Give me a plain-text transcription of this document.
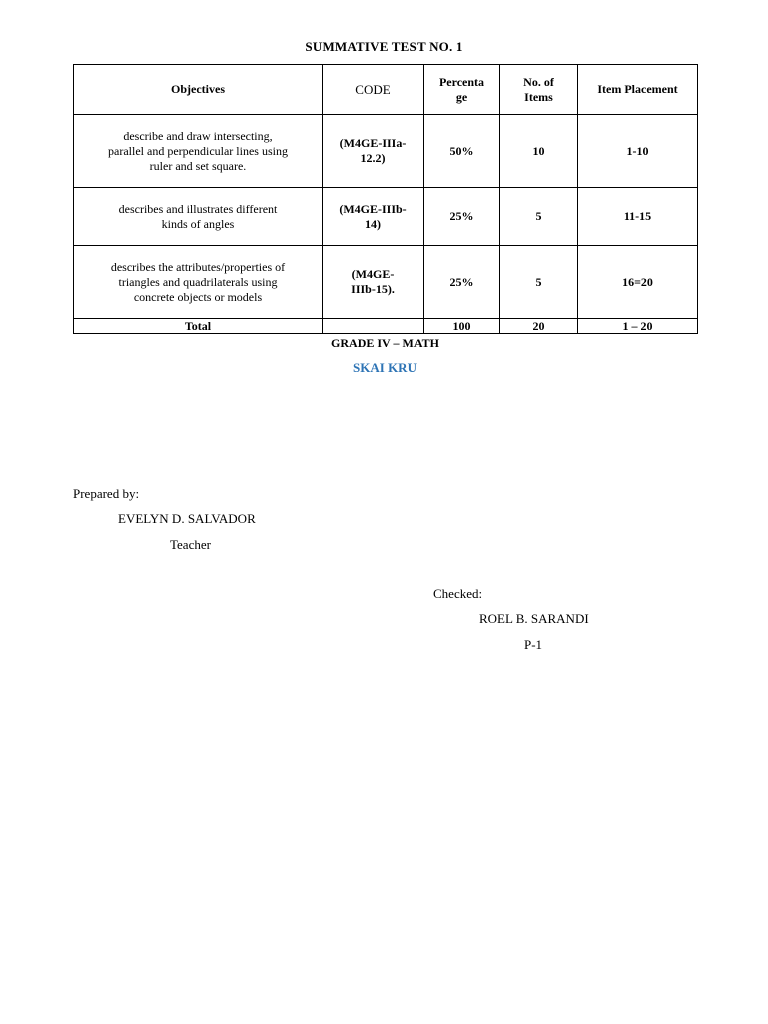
SUMMATIVE TEST NO. 1
Objectives	CODE	Percenta
ge	No. of
Items	Item Placement
describe and draw intersecting,
parallel and perpendicular lines using
ruler and set square.	(M4GE-IIIa-
12.2)	50%	10	1-10
describes and illustrates different
kinds of angles	(M4GE-IIIb-
14)	25%	5	11-15
describes the attributes/properties of
triangles and quadrilaterals using
concrete objects or models	(M4GE-
IIIb-15).	25%	5	16=20
Total		100	20	1 – 20
GRADE IV – MATH
SKAI KRU
Prepared by:
EVELYN D. SALVADOR
Teacher
Checked:
ROEL B. SARANDI
P-1
